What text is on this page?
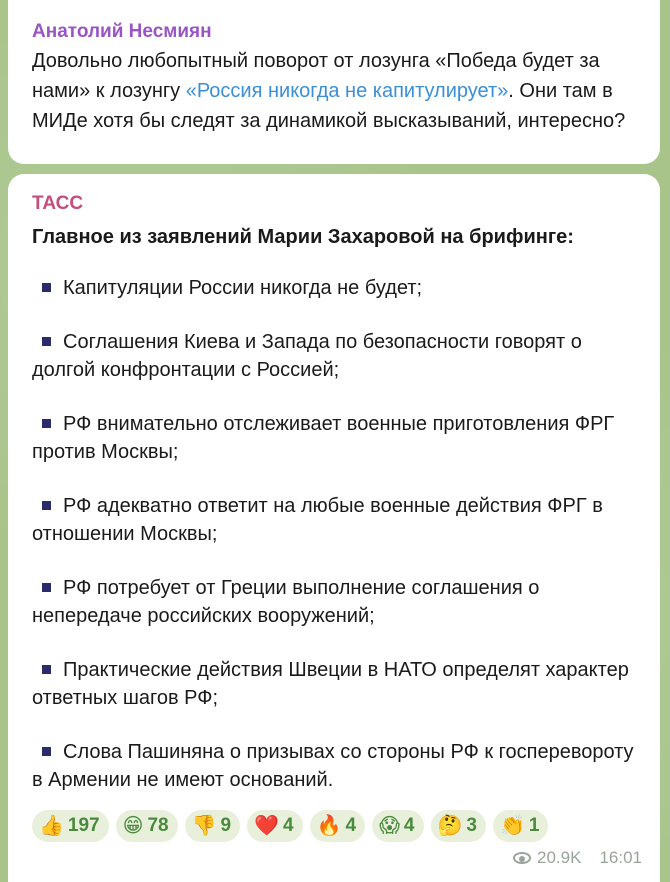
Анатолий Несмиян
Довольно любопытный поворот от лозунга «Победа будет за нами» к лозунгу «Россия никогда не капитулирует». Они там в МИДе хотя бы следят за динамикой высказываний, интересно?
ТАСС
Главное из заявлений Марии Захаровой на брифинге:
Капитуляции России никогда не будет;
Соглашения Киева и Запада по безопасности говорят о долгой конфронтации с Россией;
РФ внимательно отслеживает военные приготовления ФРГ против Москвы;
РФ адекватно ответит на любые военные действия ФРГ в отношении Москвы;
РФ потребует от Греции выполнение соглашения о непередаче российских вооружений;
Практические действия Швеции в НАТО определят характер ответных шагов РФ;
Слова Пашиняна о призывах со стороны РФ к госперевороту в Армении не имеют оснований.
👍 197 😁 78 👎 9 ❤️ 4 🔥 4 😱 4 🤔 3 👏 1
20.9K 16:01
